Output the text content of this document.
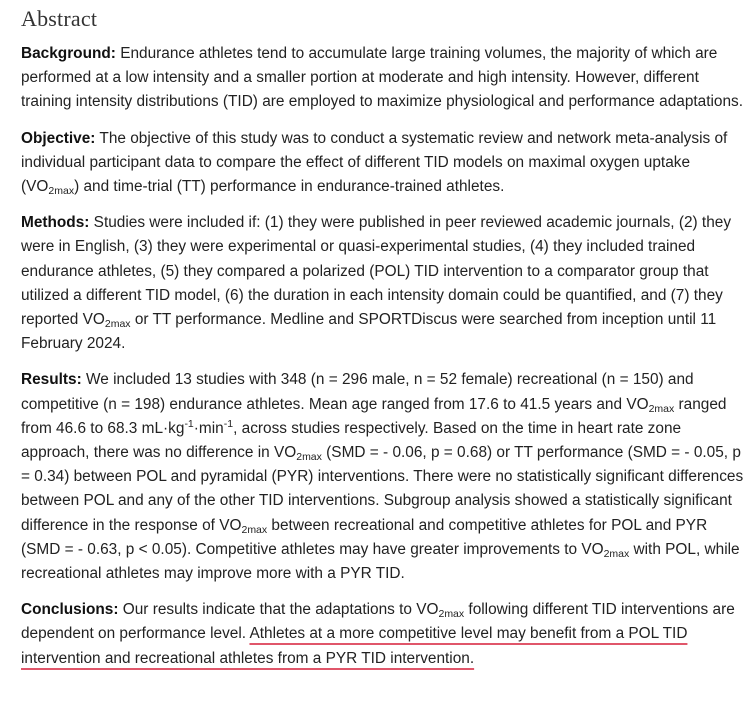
Abstract

Background: Endurance athletes tend to accumulate large training volumes, the majority of which are performed at a low intensity and a smaller portion at moderate and high intensity. However, different training intensity distributions (TID) are employed to maximize physiological and performance adaptations.

Objective: The objective of this study was to conduct a systematic review and network meta-analysis of individual participant data to compare the effect of different TID models on maximal oxygen uptake $(VO_{2max})$ and time-trial (TT) performance in endurance-trained athletes.

Methods: Studies were included if: (1) they were published in peer reviewed academic journals, (2) they were in English, (3) they were experimental or quasi-experimental studies, (4) they included trained endurance athletes, (5) they compared a polarized (POL) TID intervention to a comparator group that utilized a different TID model, (6) the duration in each intensity domain could be quantified, and (7) they reported $VO_{2max}$ or TT performance. Medline and SPORTDiscus were searched from inception until 11 February 2024.

Results: We included 13 studies with 348 (n = 296 male, n = 52 female) recreational (n = 150) and competitive (n = 198) endurance athletes. Mean age ranged from 17.6 to 41.5 years and $VO_{2max}$ ranged from 46.6 to 68.3 $mL\cdot kg^{-1}\cdot\min^{-1}$, across studies respectively. Based on the time in heart rate zone approach, there was no difference in $VO_{2max}$ (SMD = - 0.06, p = 0.68) or TT performance (SMD = - 0.05, p = 0.34) between POL and pyramidal (PYR) interventions. There were no statistically significant differences between POL and any of the other TID interventions. Subgroup analysis showed a statistically significant difference in the response of $VO_{2max}$ between recreational and competitive athletes for POL and PYR (SMD = - 0.63, p < 0.05). Competitive athletes may have greater improvements to $VO_{2max}$ with POL, while recreational athletes may improve more with a PYR TID.

Conclusions: Our results indicate that the adaptations to $VO_{2max}$ following different TID interventions are dependent on performance level. Athletes at a more competitive level may benefit from a POL TID intervention and recreational athletes from a PYR TID intervention.
